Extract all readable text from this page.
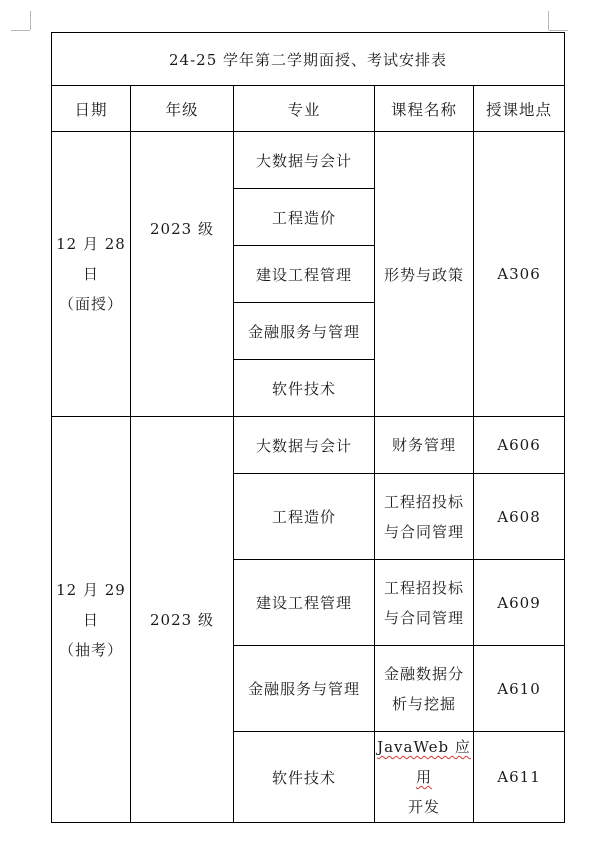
24-25 学年第二学期面授、考试安排表				
日期	年级	专业	课程名称	授课地点

12 月 28 日
（面授）	2023 级	大数据与会计	形势与政策	A306
		工程造价		
		建设工程管理		
		金融服务与管理		
		软件技术		

12 月 29 日
（抽考）	2023 级	大数据与会计	财务管理	A606
		工程造价	工程招投标
与合同管理	A608
		建设工程管理	工程招投标
与合同管理	A609
		金融服务与管理	金融数据分
析与挖掘	A610
		软件技术	JavaWeb 应用
开发	A611
